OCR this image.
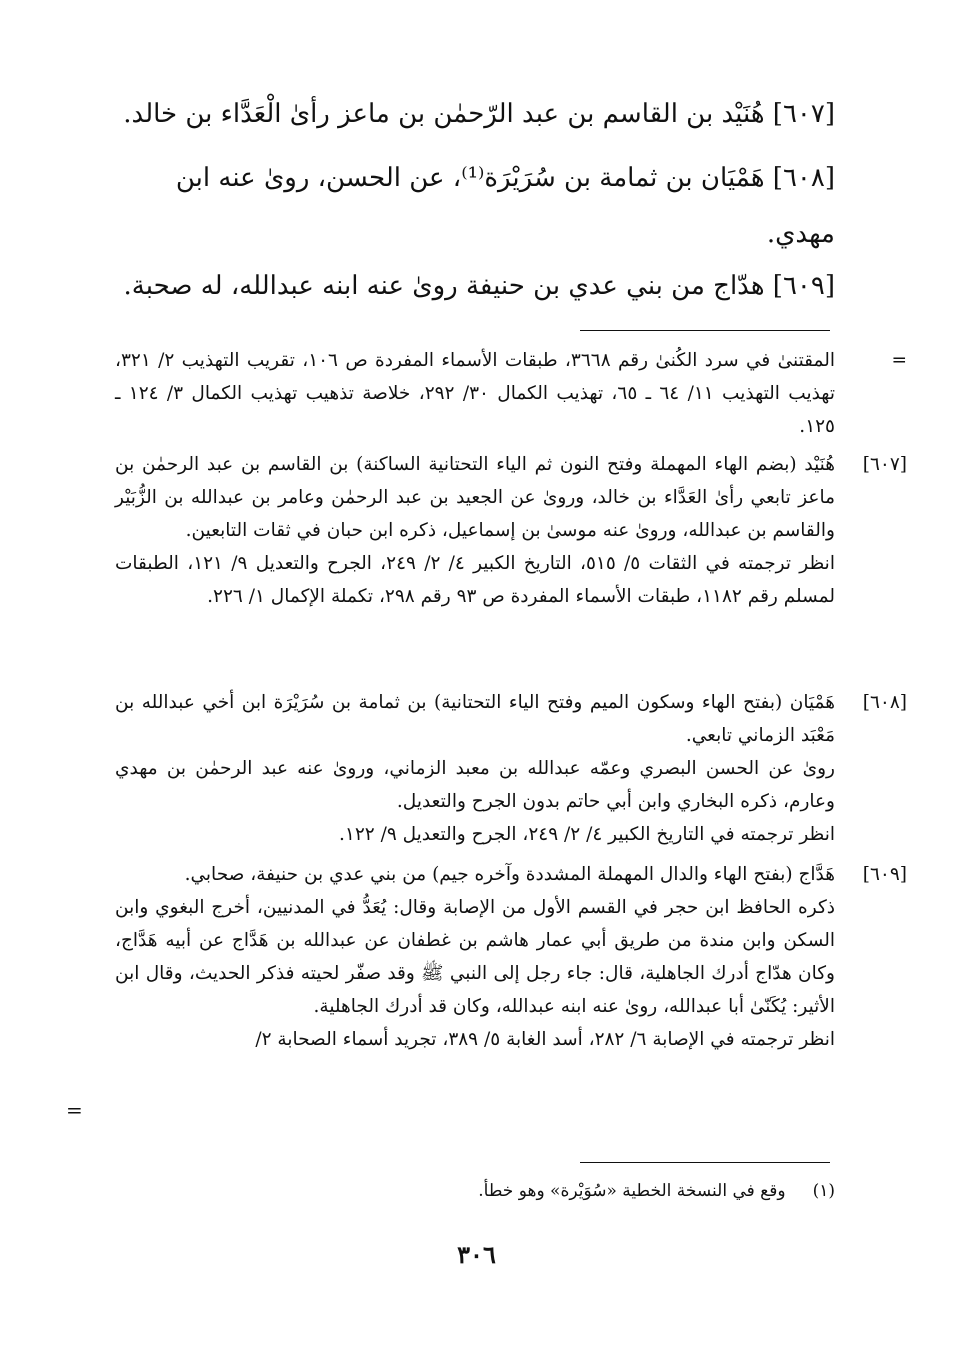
[٦٠٧] هُنَيْد بن القاسم بن عبد الرّحمٰن بن ماعز رأىٰ الْعَدَّاء بن خالد.
[٦٠٨] هَمْيَان بن ثمامة بن سُرَيْرَة⁽¹⁾، عن الحسن، روىٰ عنه ابن مهدي.
[٦٠٩] هدّاج من بني عدي بن حنيفة روىٰ عنه ابنه عبدالله، له صحبة.
=

المقتنىٰ في سرد الكُنىٰ رقم ٣٦٦٨، طبقات الأسماء المفردة ص ١٠٦، تقريب التهذيب ٢/ ٣٢١، تهذيب التهذيب ١١/ ٦٤ ـ ٦٥، تهذيب الكمال ٣٠/ ٢٩٢، خلاصة تذهيب تهذيب الكمال ٣/ ١٢٤ ـ ١٢٥.

[٦٠٧]

هُنَيْد (بضم الهاء المهملة وفتح النون ثم الياء التحتانية الساكنة) بن القاسم بن عبد الرحمٰن بن ماعز تابعي رأىٰ العَدَّاء بن خالد، وروىٰ عن الجعيد بن عبد الرحمٰن وعامر بن عبدالله بن الزُّبَيْر والقاسم بن عبدالله، وروىٰ عنه موسىٰ بن إسماعيل، ذكره ابن حبان في ثقات التابعين.

انظر ترجمته في الثقات ٥/ ٥١٥، التاريخ الكبير ٤/ ٢/ ٢٤٩، الجرح والتعديل ٩/ ١٢١، الطبقات لمسلم رقم ١١٨٢، طبقات الأسماء المفردة ص ٩٣ رقم ٢٩٨، تكملة الإكمال ١/ ٢٢٦.

[٦٠٨]

هَمْيَان (بفتح الهاء وسكون الميم وفتح الياء التحتانية) بن ثمامة بن سُرَيْرَة ابن أخي عبدالله بن مَعْبَد الزماني تابعي.

روىٰ عن الحسن البصري وعمّه عبدالله بن معبد الزماني، وروىٰ عنه عبد الرحمٰن بن مهدي وعارم، ذكره البخاري وابن أبي حاتم بدون الجرح والتعديل.

انظر ترجمته في التاريخ الكبير ٤/ ٢/ ٢٤٩، الجرح والتعديل ٩/ ١٢٢.

[٦٠٩]

هَدَّاج (بفتح الهاء والدال المهملة المشددة وآخره جيم) من بني عدي بن حنيفة، صحابي.

ذكره الحافظ ابن حجر في القسم الأول من الإصابة وقال: يُعَدُّ في المدنيين، أخرج البغوي وابن السكن وابن مندة من طريق أبي عمار هاشم بن غطفان عن عبدالله بن هَدَّاج عن أبيه هَدَّاج، وكان هدّاج أدرك الجاهلية، قال: جاء رجل إلى النبي ﷺ وقد صفّر لحيته فذكر الحديث، وقال ابن الأثير: يُكَنّىٰ أبا عبدالله، روىٰ عنه ابنه عبدالله، وكان قد أدرك الجاهلية.

انظر ترجمته في الإصابة ٦/ ٢٨٢، أسد الغابة ٥/ ٣٨٩، تجريد أسماء الصحابة ٢/

=
(١)     وقع في النسخة الخطية «سُوَيْرة» وهو خطأ.
٣٠٦
